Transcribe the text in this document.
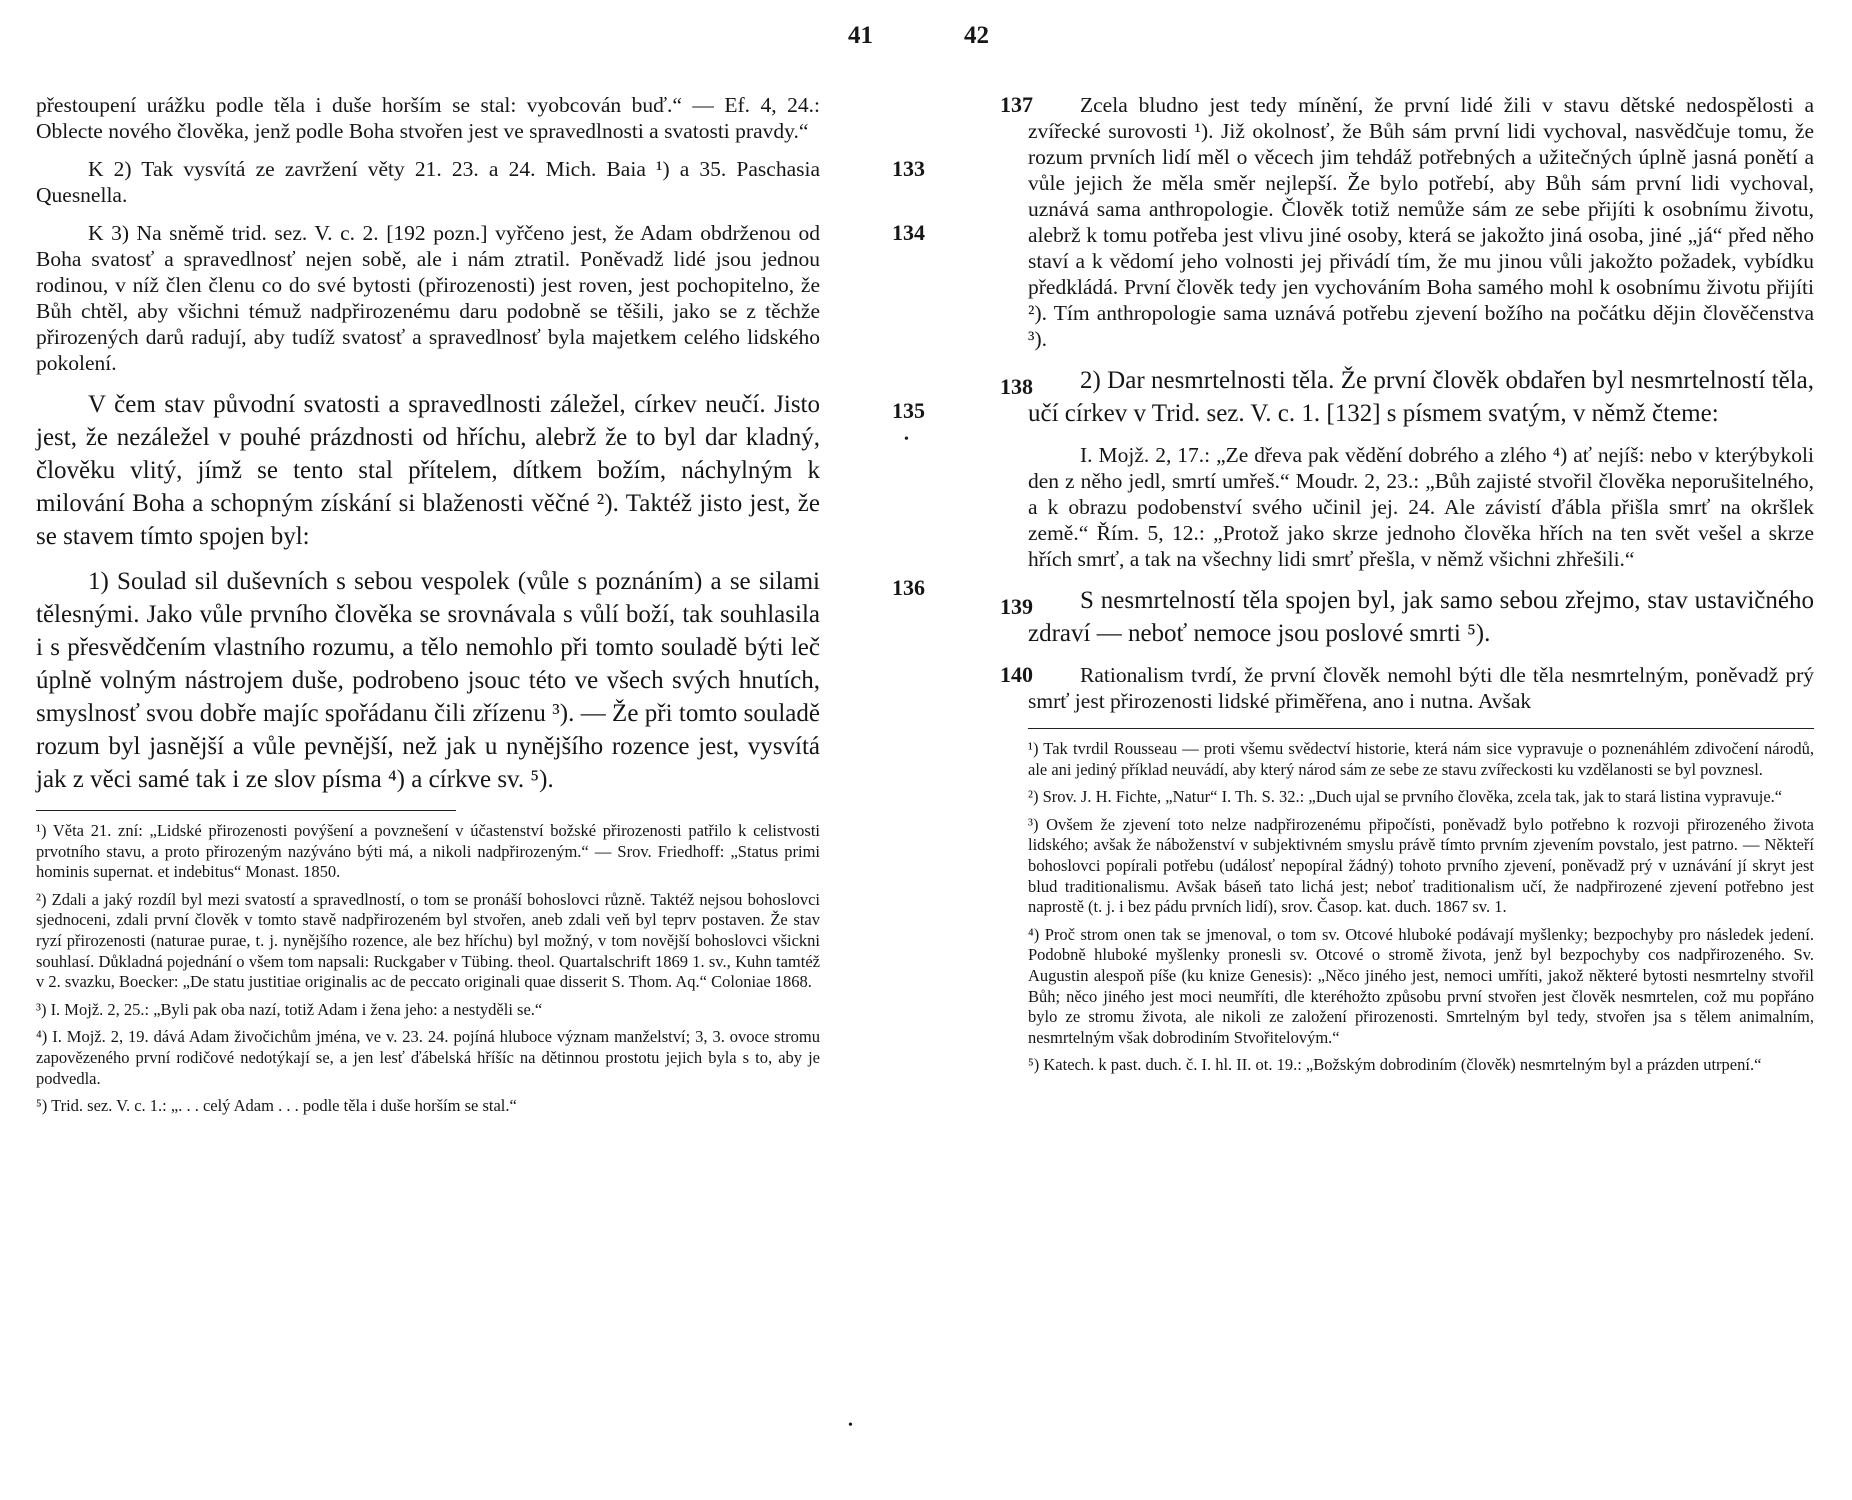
41	42
přestoupení urážku podle těla i duše horším se stal: vyobcován buď.“ — Ef. 4, 24.: Oblecte nového člověka, jenž podle Boha stvořen jest ve spravedlnosti a svatosti pravdy.“
133
K 2) Tak vysvítá ze zavržení věty 21. 23. a 24. Mich. Baia ¹) a 35. Paschasia Quesnella.
134
K 3) Na sněmě trid. sez. V. c. 2. [192 pozn.] vyřčeno jest, že Adam obdrženou od Boha svatosť a spravedlnosť nejen sobě, ale i nám ztratil. Poněvadž lidé jsou jednou rodinou, v níž člen členu co do své bytosti (přirozenosti) jest roven, jest pochopitelno, že Bůh chtěl, aby všichni témuž nadpřirozenému daru podobně se těšili, jako se z těchže přirozených darů radují, aby tudíž svatosť a spravedlnosť byla majetkem celého lidského pokolení.
135
V čem stav původní svatosti a spravedlnosti záležel, církev neučí. Jisto jest, že nezáležel v pouhé prázdnosti od hříchu, alebrž že to byl dar kladný, člověku vlitý, jímž se tento stal přítelem, dítkem božím, náchylným k milování Boha a schopným získání si blaženosti věčné ²). Taktéž jisto jest, že se stavem tímto spojen byl:
136
1) Soulad sil duševních s sebou vespolek (vůle s poznáním) a se silami tělesnými. Jako vůle prvního člověka se srovnávala s vůlí boží, tak souhlasila i s přesvědčením vlastního rozumu, a tělo nemohlo při tomto souladě býti leč úplně volným nástrojem duše, podrobeno jsouc této ve všech svých hnutích, smyslnosť svou dobře majíc spořádanu čili zřízenu ³). — Že při tomto souladě rozum byl jasnější a vůle pevnější, než jak u nynějšího rozence jest, vysvítá jak z věci samé tak i ze slov písma ⁴) a církve sv. ⁵).

¹) Věta 21. zní: „Lidské přirozenosti povýšení a povznešení v účastenství božské přirozenosti patřilo k celistvosti prvotního stavu, a proto přirozeným nazýváno býti má, a nikoli nadpřirozeným.“ — Srov. Friedhoff: „Status primi hominis supernat. et indebitus“ Monast. 1850.

²) Zdali a jaký rozdíl byl mezi svatostí a spravedlností, o tom se pronáší bohoslovci různě. Taktéž nejsou bohoslovci sjednoceni, zdali první člověk v tomto stavě nadpřirozeném byl stvořen, aneb zdali veň byl teprv postaven. Že stav ryzí přirozenosti (naturae purae, t. j. nynějšího rozence, ale bez hříchu) byl možný, v tom novější bohoslovci všickni souhlasí. Důkladná pojednání o všem tom napsali: Ruckgaber v Tübing. theol. Quartalschrift 1869 1. sv., Kuhn tamtéž v 2. svazku, Boecker: „De statu justitiae originalis ac de peccato originali quae disserit S. Thom. Aq.“ Coloniae 1868.

³) I. Mojž. 2, 25.: „Byli pak oba nazí, totiž Adam i žena jeho: a nestyděli se.“

⁴) I. Mojž. 2, 19. dává Adam živočichům jména, ve v. 23. 24. pojíná hluboce význam manželství; 3, 3. ovoce stromu zapovězeného první rodičové nedotýkají se, a jen lesť ďábelská hříšíc na dětinnou prostotu jejich byla s to, aby je podvedla.

⁵) Trid. sez. V. c. 1.: „. . . celý Adam . . . podle těla i duše horším se stal.“

137 Zcela bludno jest tedy mínění, že první lidé žili v stavu dětské nedospělosti a zvířecké surovosti ¹). Již okolnosť, že Bůh sám první lidi vychoval, nasvědčuje tomu, že rozum prvních lidí měl o věcech jim tehdáž potřebných a užitečných úplně jasná ponětí a vůle jejich že měla směr nejlepší. Že bylo potřebí, aby Bůh sám první lidi vychoval, uznává sama anthropologie. Člověk totiž nemůže sám ze sebe přijíti k osobnímu životu, alebrž k tomu potřeba jest vlivu jiné osoby, která se jakožto jiná osoba, jiné „já“ před něho staví a k vědomí jeho volnosti jej přivádí tím, že mu jinou vůli jakožto požadek, vybídku předkládá. První člověk tedy jen vychováním Boha samého mohl k osobnímu životu přijíti ²). Tím anthropologie sama uznává potřebu zjevení božího na počátku dějin člověčenstva ³).
138 2) Dar nesmrtelnosti těla. Že první člověk obdařen byl nesmrtelností těla, učí církev v Trid. sez. V. c. 1. [132] s písmem svatým, v němž čteme:
I. Mojž. 2, 17.: „Ze dřeva pak vědění dobrého a zlého ⁴) ať nejíš: nebo v kterýbykoli den z něho jedl, smrtí umřeš.“ Moudr. 2, 23.: „Bůh zajisté stvořil člověka neporušitelného, a k obrazu podobenství svého učinil jej. 24. Ale závistí ďábla přišla smrť na okršlek země.“ Řím. 5, 12.: „Protož jako skrze jednoho člověka hřích na ten svět vešel a skrze hřích smrť, a tak na všechny lidi smrť přešla, v němž všichni zhřešili.“
139 S nesmrtelností těla spojen byl, jak samo sebou zřejmo, stav ustavičného zdraví — neboť nemoce jsou poslové smrti ⁵).
140 Rationalism tvrdí, že první člověk nemohl býti dle těla nesmrtelným, poněvadž prý smrť jest přirozenosti lidské přiměřena, ano i nutna. Avšak

¹) Tak tvrdil Rousseau — proti všemu svědectví historie, která nám sice vypravuje o poznenáhlém zdivočení národů, ale ani jediný příklad neuvádí, aby který národ sám ze sebe ze stavu zvířeckosti ku vzdělanosti se byl povznesl.

²) Srov. J. H. Fichte, „Natur“ I. Th. S. 32.: „Duch ujal se prvního člověka, zcela tak, jak to stará listina vypravuje.“

³) Ovšem že zjevení toto nelze nadpřirozenému připočísti, poněvadž bylo potřebno k rozvoji přirozeného života lidského; avšak že náboženství v subjektivném smyslu právě tímto prvním zjevením povstalo, jest patrno. — Někteří bohoslovci popírali potřebu (událosť nepopíral žádný) tohoto prvního zjevení, poněvadž prý v uznávání jí skryt jest blud traditionalismu. Avšak báseň tato lichá jest; neboť traditionalism učí, že nadpřirozené zjevení potřebno jest naprostě (t. j. i bez pádu prvních lidí), srov. Časop. kat. duch. 1867 sv. 1.

⁴) Proč strom onen tak se jmenoval, o tom sv. Otcové hluboké podávají myšlenky; bezpochyby pro následek jedení. Podobně hluboké myšlenky pronesli sv. Otcové o stromě života, jenž byl bezpochyby cos nadpřirozeného. Sv. Augustin alespoň píše (ku knize Genesis): „Něco jiného jest, nemoci umříti, jakož některé bytosti nesmrtelny stvořil Bůh; něco jiného jest moci neumříti, dle kteréhožto způsobu první stvořen jest člověk nesmrtelen, což mu popřáno bylo ze stromu života, ale nikoli ze založení přirozenosti. Smrtelným byl tedy, stvořen jsa s tělem animalním, nesmrtelným však dobrodiním Stvořitelovým.“

⁵) Katech. k past. duch. č. I. hl. II. ot. 19.: „Božským dobrodiním (člověk) nesmrtelným byl a prázden utrpení.“

•
•
